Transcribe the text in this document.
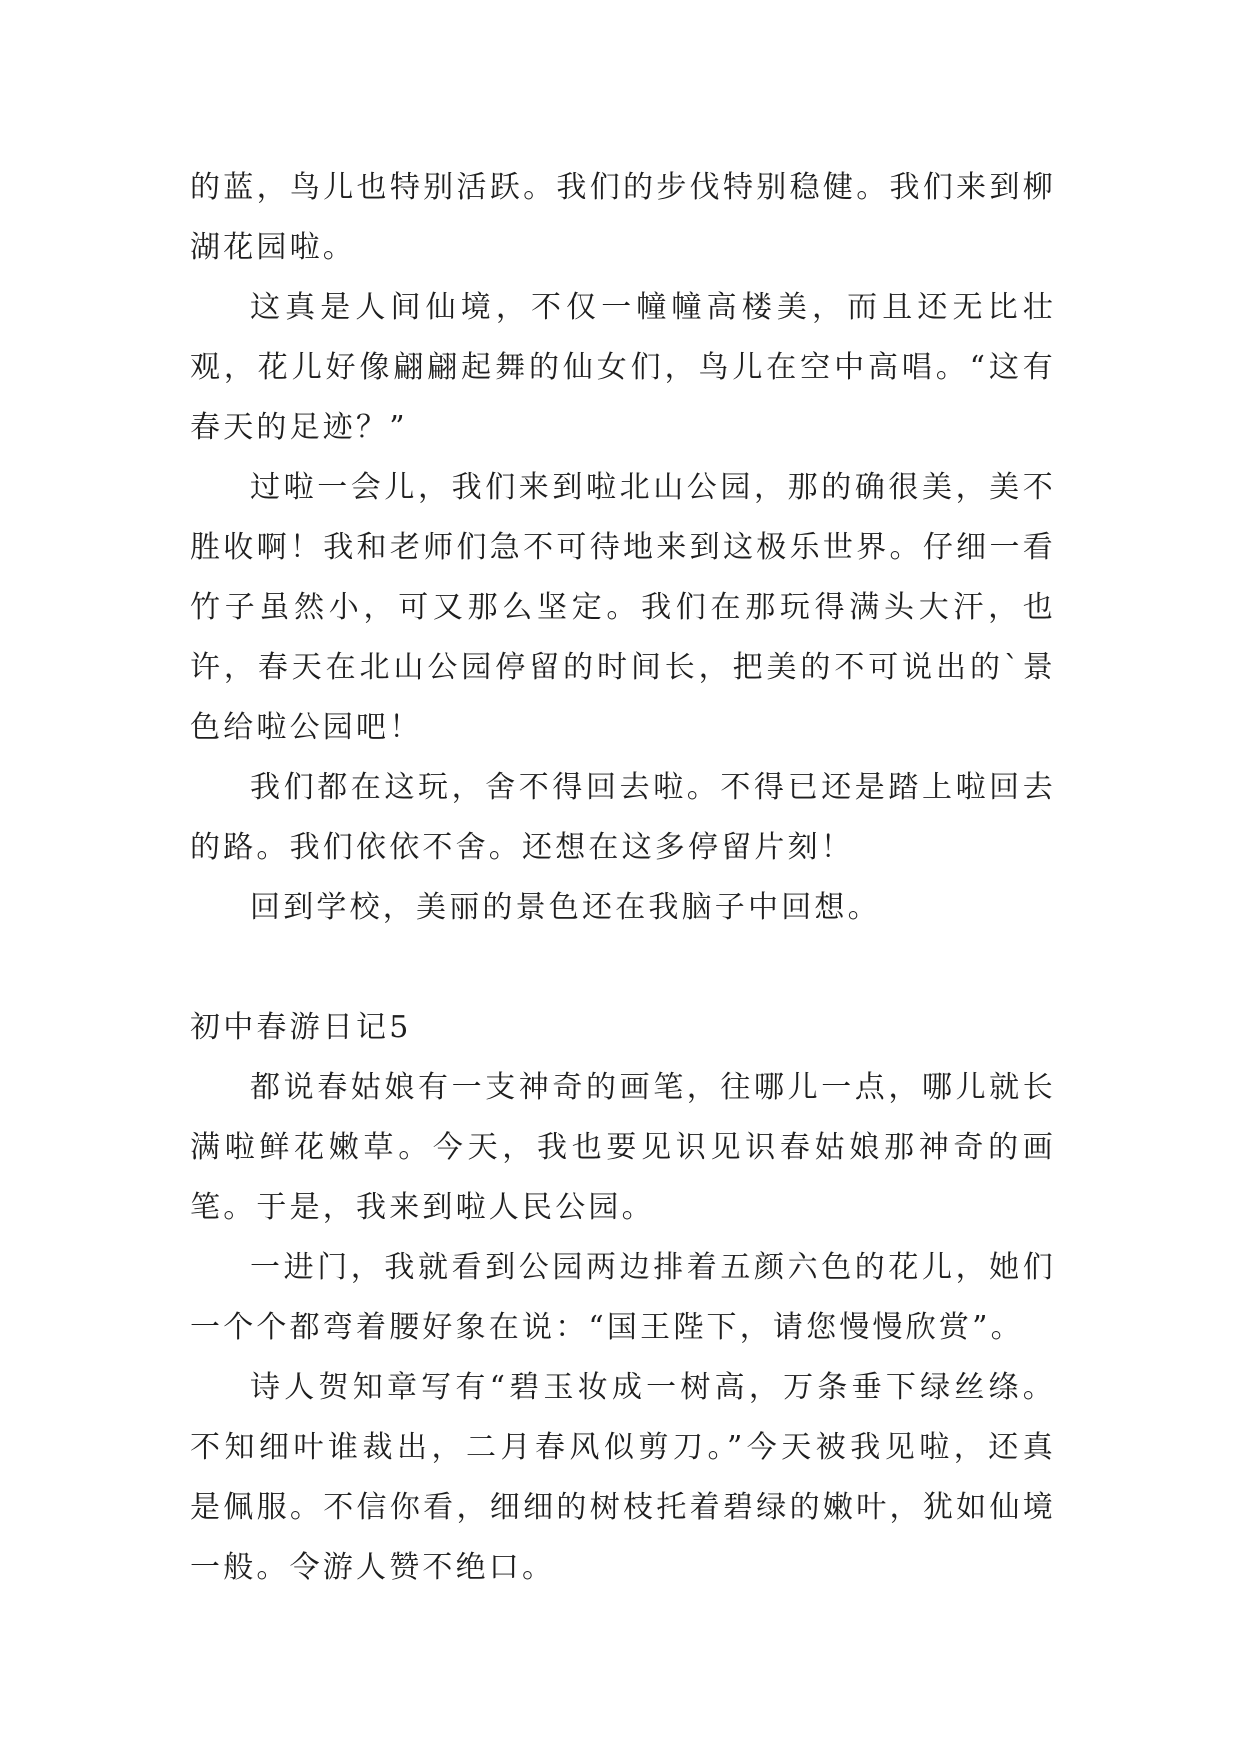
的蓝，鸟儿也特别活跃。我们的步伐特别稳健。我们来到柳湖花园啦。

这真是人间仙境，不仅一幢幢高楼美，而且还无比壮观，花儿好像翩翩起舞的仙女们，鸟儿在空中高唱。“这有春天的足迹？”

过啦一会儿，我们来到啦北山公园，那的确很美，美不胜收啊！我和老师们急不可待地来到这极乐世界。仔细一看竹子虽然小，可又那么坚定。我们在那玩得满头大汗，也许，春天在北山公园停留的时间长，把美的不可说出的`景色给啦公园吧！

我们都在这玩，舍不得回去啦。不得已还是踏上啦回去的路。我们依依不舍。还想在这多停留片刻！

回到学校，美丽的景色还在我脑子中回想。

初中春游日记5

都说春姑娘有一支神奇的画笔，往哪儿一点，哪儿就长满啦鲜花嫩草。今天，我也要见识见识春姑娘那神奇的画笔。于是，我来到啦人民公园。

一进门，我就看到公园两边排着五颜六色的花儿，她们一个个都弯着腰好象在说：“国王陛下，请您慢慢欣赏”。

诗人贺知章写有“碧玉妆成一树高，万条垂下绿丝绦。不知细叶谁裁出，二月春风似剪刀。”今天被我见啦，还真是佩服。不信你看，细细的树枝托着碧绿的嫩叶，犹如仙境一般。令游人赞不绝口。
